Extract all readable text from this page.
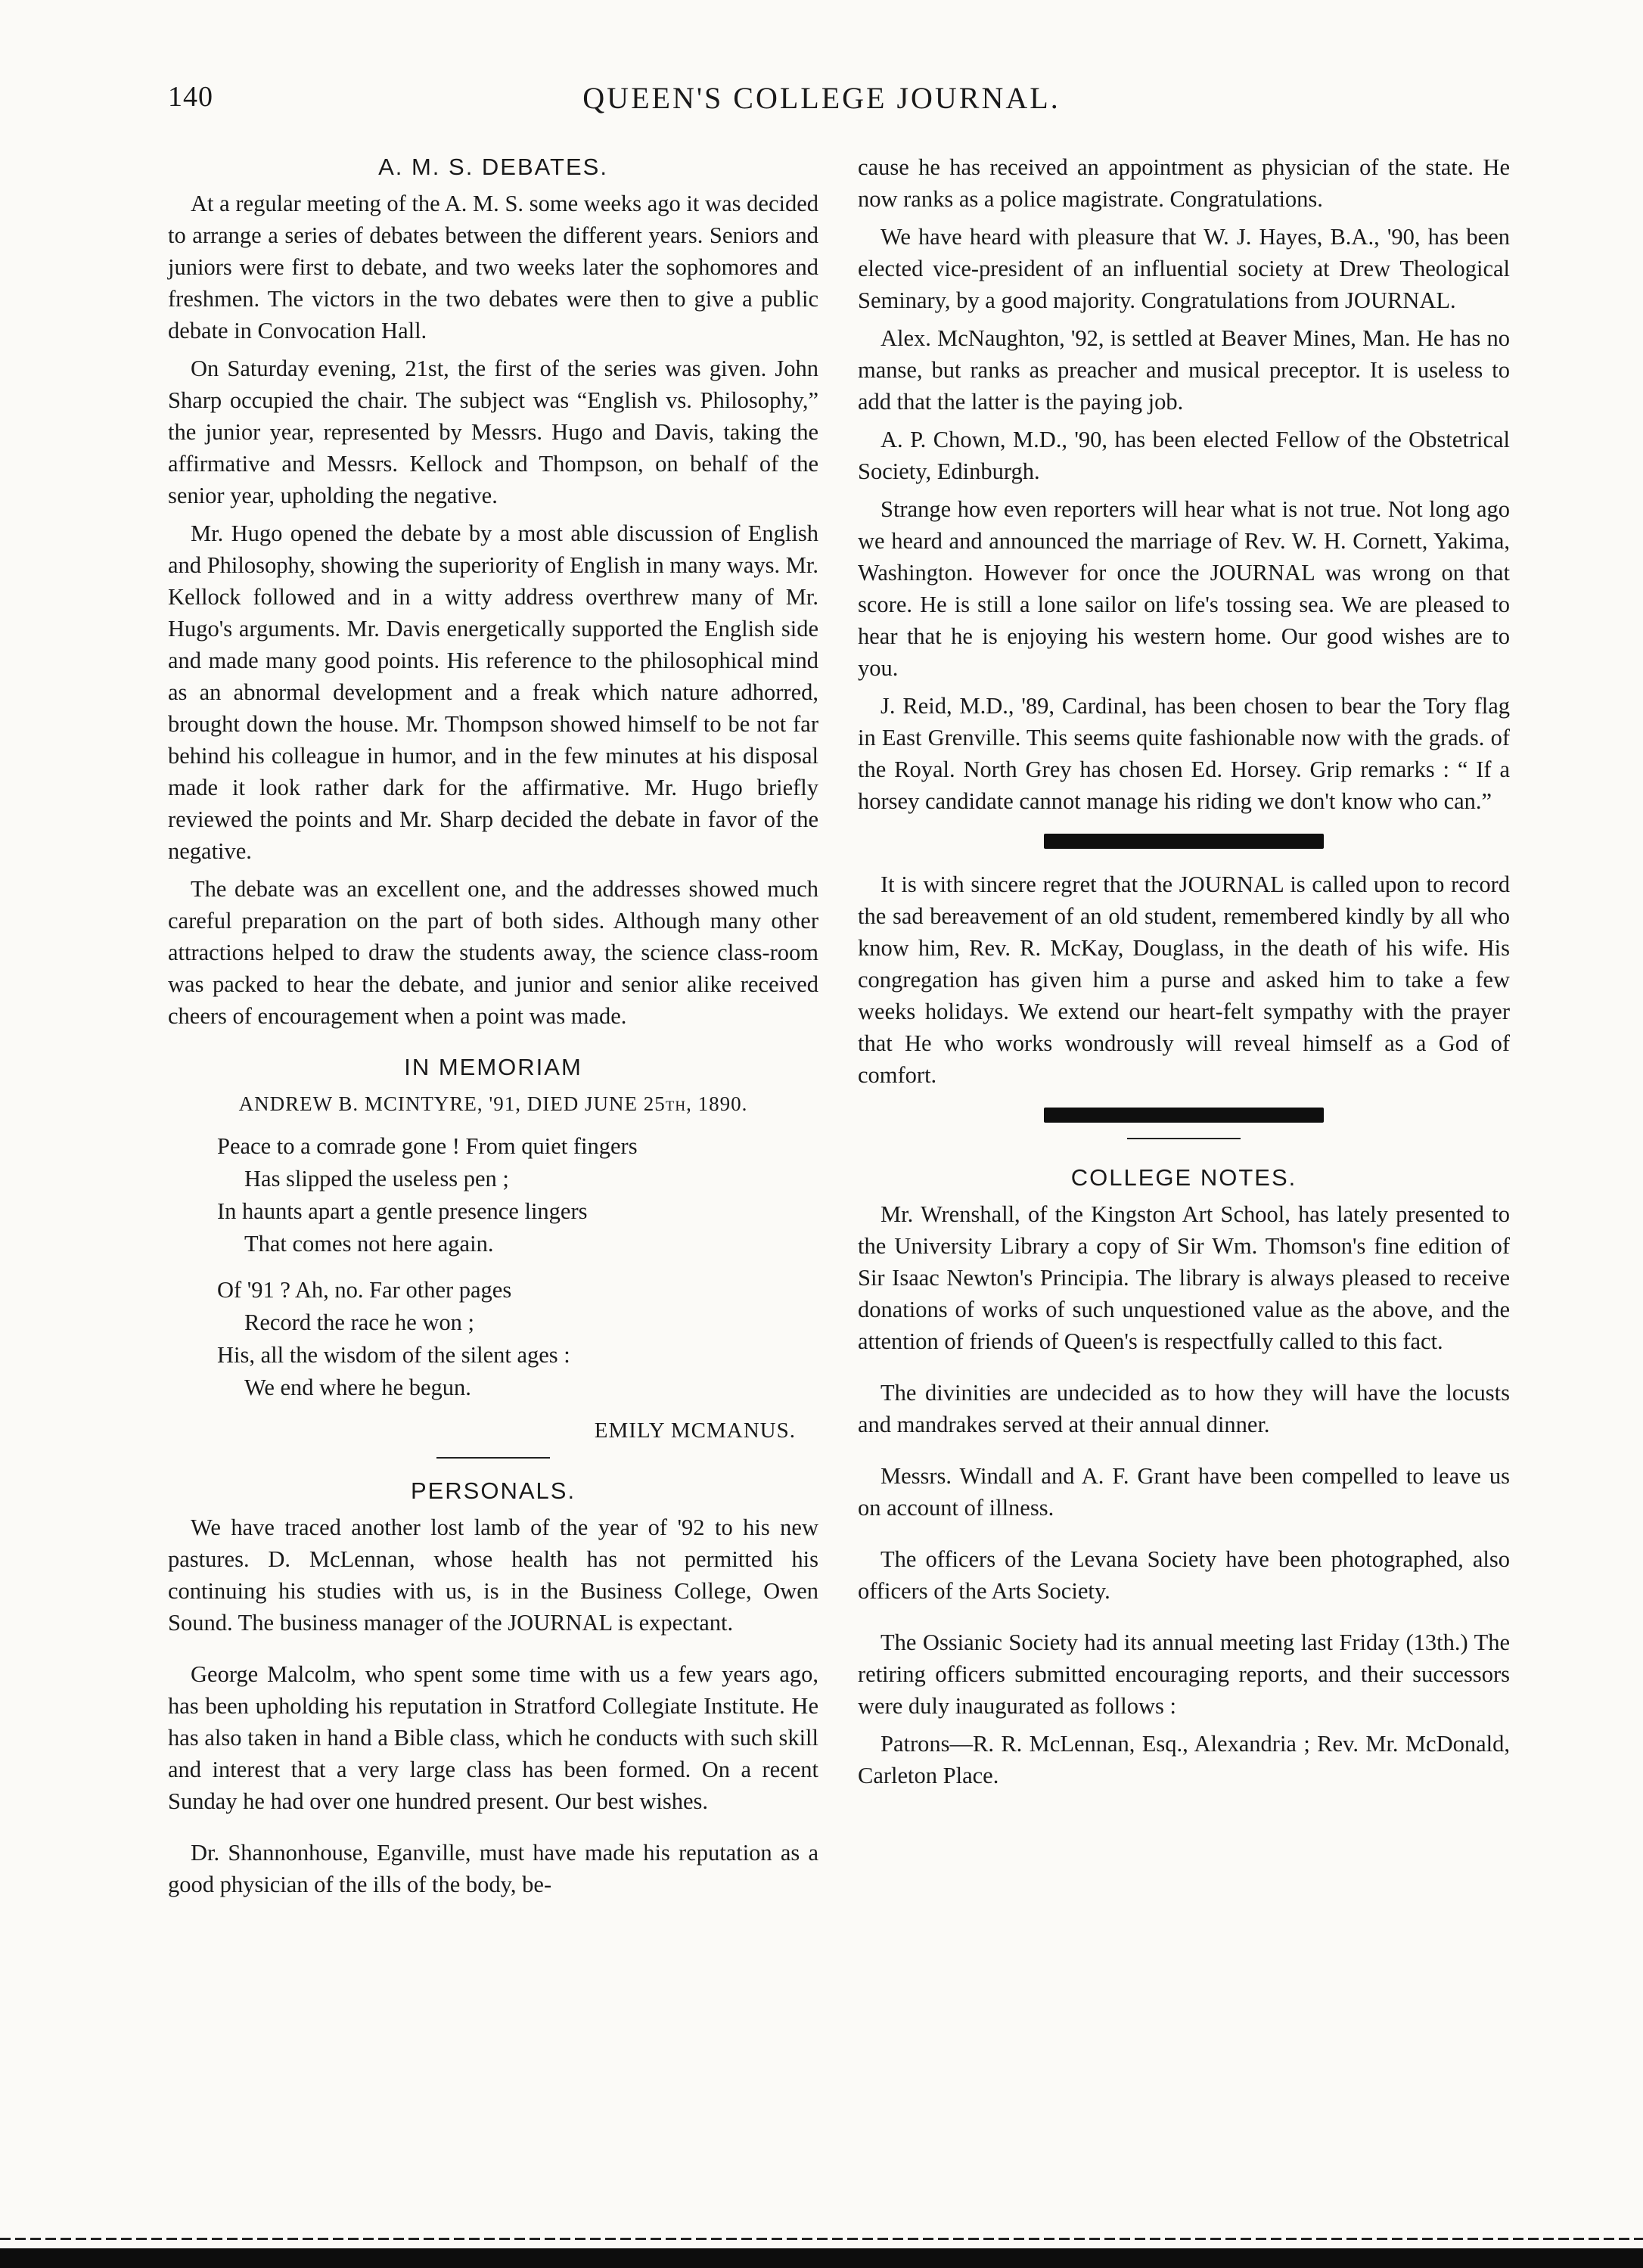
140	QUEEN'S COLLEGE JOURNAL.
A. M. S. DEBATES.

At a regular meeting of the A. M. S. some weeks ago it was decided to arrange a series of debates between the different years. Seniors and juniors were first to debate, and two weeks later the sophomores and freshmen. The victors in the two debates were then to give a public debate in Convocation Hall.

On Saturday evening, 21st, the first of the series was given. John Sharp occupied the chair. The subject was “English vs. Philosophy,” the junior year, represented by Messrs. Hugo and Davis, taking the affirmative and Messrs. Kellock and Thompson, on behalf of the senior year, upholding the negative.

Mr. Hugo opened the debate by a most able discussion of English and Philosophy, showing the superiority of English in many ways. Mr. Kellock followed and in a witty address overthrew many of Mr. Hugo's arguments. Mr. Davis energetically supported the English side and made many good points. His reference to the philosophical mind as an abnormal development and a freak which nature adhorred, brought down the house. Mr. Thompson showed himself to be not far behind his colleague in humor, and in the few minutes at his disposal made it look rather dark for the affirmative. Mr. Hugo briefly reviewed the points and Mr. Sharp decided the debate in favor of the negative.

The debate was an excellent one, and the addresses showed much careful preparation on the part of both sides. Although many other attractions helped to draw the students away, the science class-room was packed to hear the debate, and junior and senior alike received cheers of encouragement when a point was made.

IN MEMORIAM
ANDREW B. MCINTYRE, '91, DIED JUNE 25th, 1890.
Peace to a comrade gone ! From quiet fingers
Has slipped the useless pen ;
In haunts apart a gentle presence lingers
That comes not here again.
Of '91 ? Ah, no. Far other pages
Record the race he won ;
His, all the wisdom of the silent ages :
We end where he begun.
EMILY MCMANUS.
PERSONALS.

We have traced another lost lamb of the year of '92 to his new pastures. D. McLennan, whose health has not permitted his continuing his studies with us, is in the Business College, Owen Sound. The business manager of the JOURNAL is expectant.

George Malcolm, who spent some time with us a few years ago, has been upholding his reputation in Stratford Collegiate Institute. He has also taken in hand a Bible class, which he conducts with such skill and interest that a very large class has been formed. On a recent Sunday he had over one hundred present. Our best wishes.

Dr. Shannonhouse, Eganville, must have made his reputation as a good physician of the ills of the body, be-

cause he has received an appointment as physician of the state. He now ranks as a police magistrate. Congratulations.

We have heard with pleasure that W. J. Hayes, B.A., '90, has been elected vice-president of an influential society at Drew Theological Seminary, by a good majority. Congratulations from JOURNAL.

Alex. McNaughton, '92, is settled at Beaver Mines, Man. He has no manse, but ranks as preacher and musical preceptor. It is useless to add that the latter is the paying job.

A. P. Chown, M.D., '90, has been elected Fellow of the Obstetrical Society, Edinburgh.

Strange how even reporters will hear what is not true. Not long ago we heard and announced the marriage of Rev. W. H. Cornett, Yakima, Washington. However for once the JOURNAL was wrong on that score. He is still a lone sailor on life's tossing sea. We are pleased to hear that he is enjoying his western home. Our good wishes are to you.

J. Reid, M.D., '89, Cardinal, has been chosen to bear the Tory flag in East Grenville. This seems quite fashionable now with the grads. of the Royal. North Grey has chosen Ed. Horsey. Grip remarks : “ If a horsey candidate cannot manage his riding we don't know who can.”

It is with sincere regret that the JOURNAL is called upon to record the sad bereavement of an old student, remembered kindly by all who know him, Rev. R. McKay, Douglass, in the death of his wife. His congregation has given him a purse and asked him to take a few weeks holidays. We extend our heart-felt sympathy with the prayer that He who works wondrously will reveal himself as a God of comfort.

COLLEGE NOTES.

Mr. Wrenshall, of the Kingston Art School, has lately presented to the University Library a copy of Sir Wm. Thomson's fine edition of Sir Isaac Newton's Principia. The library is always pleased to receive donations of works of such unquestioned value as the above, and the attention of friends of Queen's is respectfully called to this fact.

The divinities are undecided as to how they will have the locusts and mandrakes served at their annual dinner.

Messrs. Windall and A. F. Grant have been compelled to leave us on account of illness.

The officers of the Levana Society have been photographed, also officers of the Arts Society.

The Ossianic Society had its annual meeting last Friday (13th.) The retiring officers submitted encouraging reports, and their successors were duly inaugurated as follows :

Patrons—R. R. McLennan, Esq., Alexandria ; Rev. Mr. McDonald, Carleton Place.
